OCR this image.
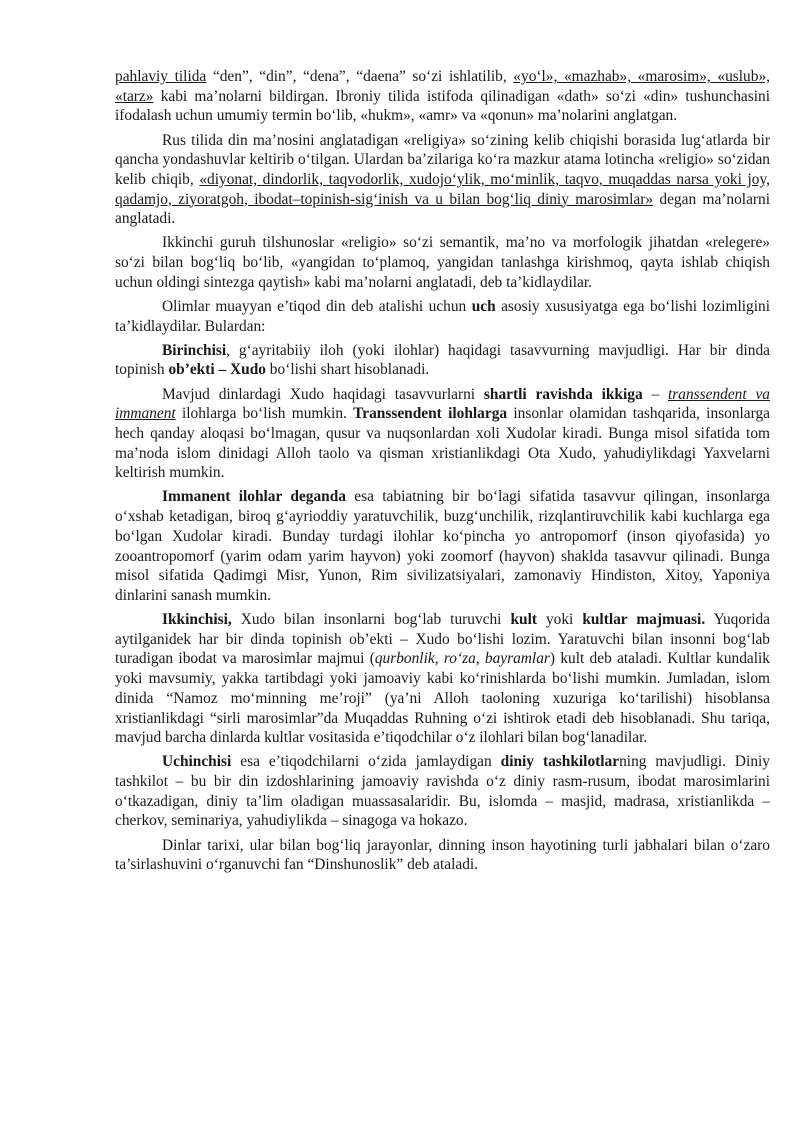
pahlaviy tilida “den”, “din”, “dena”, “daena” so‘zi ishlatilib, «yo‘l», «mazhab», «marosim», «uslub», «tarz» kabi ma’nolarni bildirgan. Ibroniy tilida istifoda qilinadigan «dath» so‘zi «din» tushunchasini ifodalash uchun umumiy termin bo‘lib, «hukm», «amr» va «qonun» ma’nolarini anglatgan.

Rus tilida din ma’nosini anglatadigan «religiya» so‘zining kelib chiqishi borasida lug‘atlarda bir qancha yondashuvlar keltirib o‘tilgan. Ulardan ba’zilariga ko‘ra mazkur atama lotincha «religio» so‘zidan kelib chiqib, «diyonat, dindorlik, taqvodorlik, xudojo‘ylik, mo‘minlik, taqvo, muqaddas narsa yoki joy, qadamjo, ziyoratgoh, ibodat–topinish-sig‘inish va u bilan bog‘liq diniy marosimlar» degan ma’nolarni anglatadi.

Ikkinchi guruh tilshunoslar «religio» so‘zi semantik, ma’no va morfologik jihatdan «relegere» so‘zi bilan bog‘liq bo‘lib, «yangidan to‘plamoq, yangidan tanlashga kirishmoq, qayta ishlab chiqish uchun oldingi sintezga qaytish» kabi ma’nolarni anglatadi, deb ta’kidlaydilar.

Olimlar muayyan e’tiqod din deb atalishi uchun uch asosiy xususiyatga ega bo‘lishi lozimligini ta’kidlaydilar. Bulardan:

Birinchisi, g‘ayritabiiy iloh (yoki ilohlar) haqidagi tasavvurning mavjudligi. Har bir dinda topinish ob’ekti – Xudo bo‘lishi shart hisoblanadi.

Mavjud dinlardagi Xudo haqidagi tasavvurlarni shartli ravishda ikkiga – transsendent va immanent ilohlarga bo‘lish mumkin. Transsendent ilohlarga insonlar olamidan tashqarida, insonlarga hech qanday aloqasi bo‘lmagan, qusur va nuqsonlardan xoli Xudolar kiradi. Bunga misol sifatida tom ma’noda islom dinidagi Alloh taolo va qisman xristianlikdagi Ota Xudo, yahudiylikdagi Yaxvelarni keltirish mumkin.

Immanent ilohlar deganda esa tabiatning bir bo‘lagi sifatida tasavvur qilingan, insonlarga o‘xshab ketadigan, biroq g‘ayrioddiy yaratuvchilik, buzg‘unchilik, rizqlantiruvchilik kabi kuchlarga ega bo‘lgan Xudolar kiradi. Bunday turdagi ilohlar ko‘pincha yo antropomorf (inson qiyofasida) yo zooantropomorf (yarim odam yarim hayvon) yoki zoomorf (hayvon) shaklda tasavvur qilinadi. Bunga misol sifatida Qadimgi Misr, Yunon, Rim sivilizatsiyalari, zamonaviy Hindiston, Xitoy, Yaponiya dinlarini sanash mumkin.

Ikkinchisi, Xudo bilan insonlarni bog‘lab turuvchi kult yoki kultlar majmuasi. Yuqorida aytilganidek har bir dinda topinish ob’ekti – Xudo bo‘lishi lozim. Yaratuvchi bilan insonni bog‘lab turadigan ibodat va marosimlar majmui (qurbonlik, ro‘za, bayramlar) kult deb ataladi. Kultlar kundalik yoki mavsumiy, yakka tartibdagi yoki jamoaviy kabi ko‘rinishlarda bo‘lishi mumkin. Jumladan, islom dinida “Namoz mo‘minning me’roji” (ya’ni Alloh taoloning xuzuriga ko‘tarilishi) hisoblansa xristianlikdagi “sirli marosimlar”da Muqaddas Ruhning o‘zi ishtirok etadi deb hisoblanadi. Shu tariqa, mavjud barcha dinlarda kultlar vositasida e’tiqodchilar o‘z ilohlari bilan bog‘lanadilar.

Uchinchisi esa e’tiqodchilarni o‘zida jamlaydigan diniy tashkilotlarning mavjudligi. Diniy tashkilot – bu bir din izdoshlarining jamoaviy ravishda o‘z diniy rasm-rusum, ibodat marosimlarini o‘tkazadigan, diniy ta’lim oladigan muassasalaridir. Bu, islomda – masjid, madrasa, xristianlikda – cherkov, seminariya, yahudiylikda – sinagoga va hokazo.

Dinlar tarixi, ular bilan bog‘liq jarayonlar, dinning inson hayotining turli jabhalari bilan o‘zaro ta’sirlashuvini o‘rganuvchi fan “Dinshunoslik” deb ataladi.
